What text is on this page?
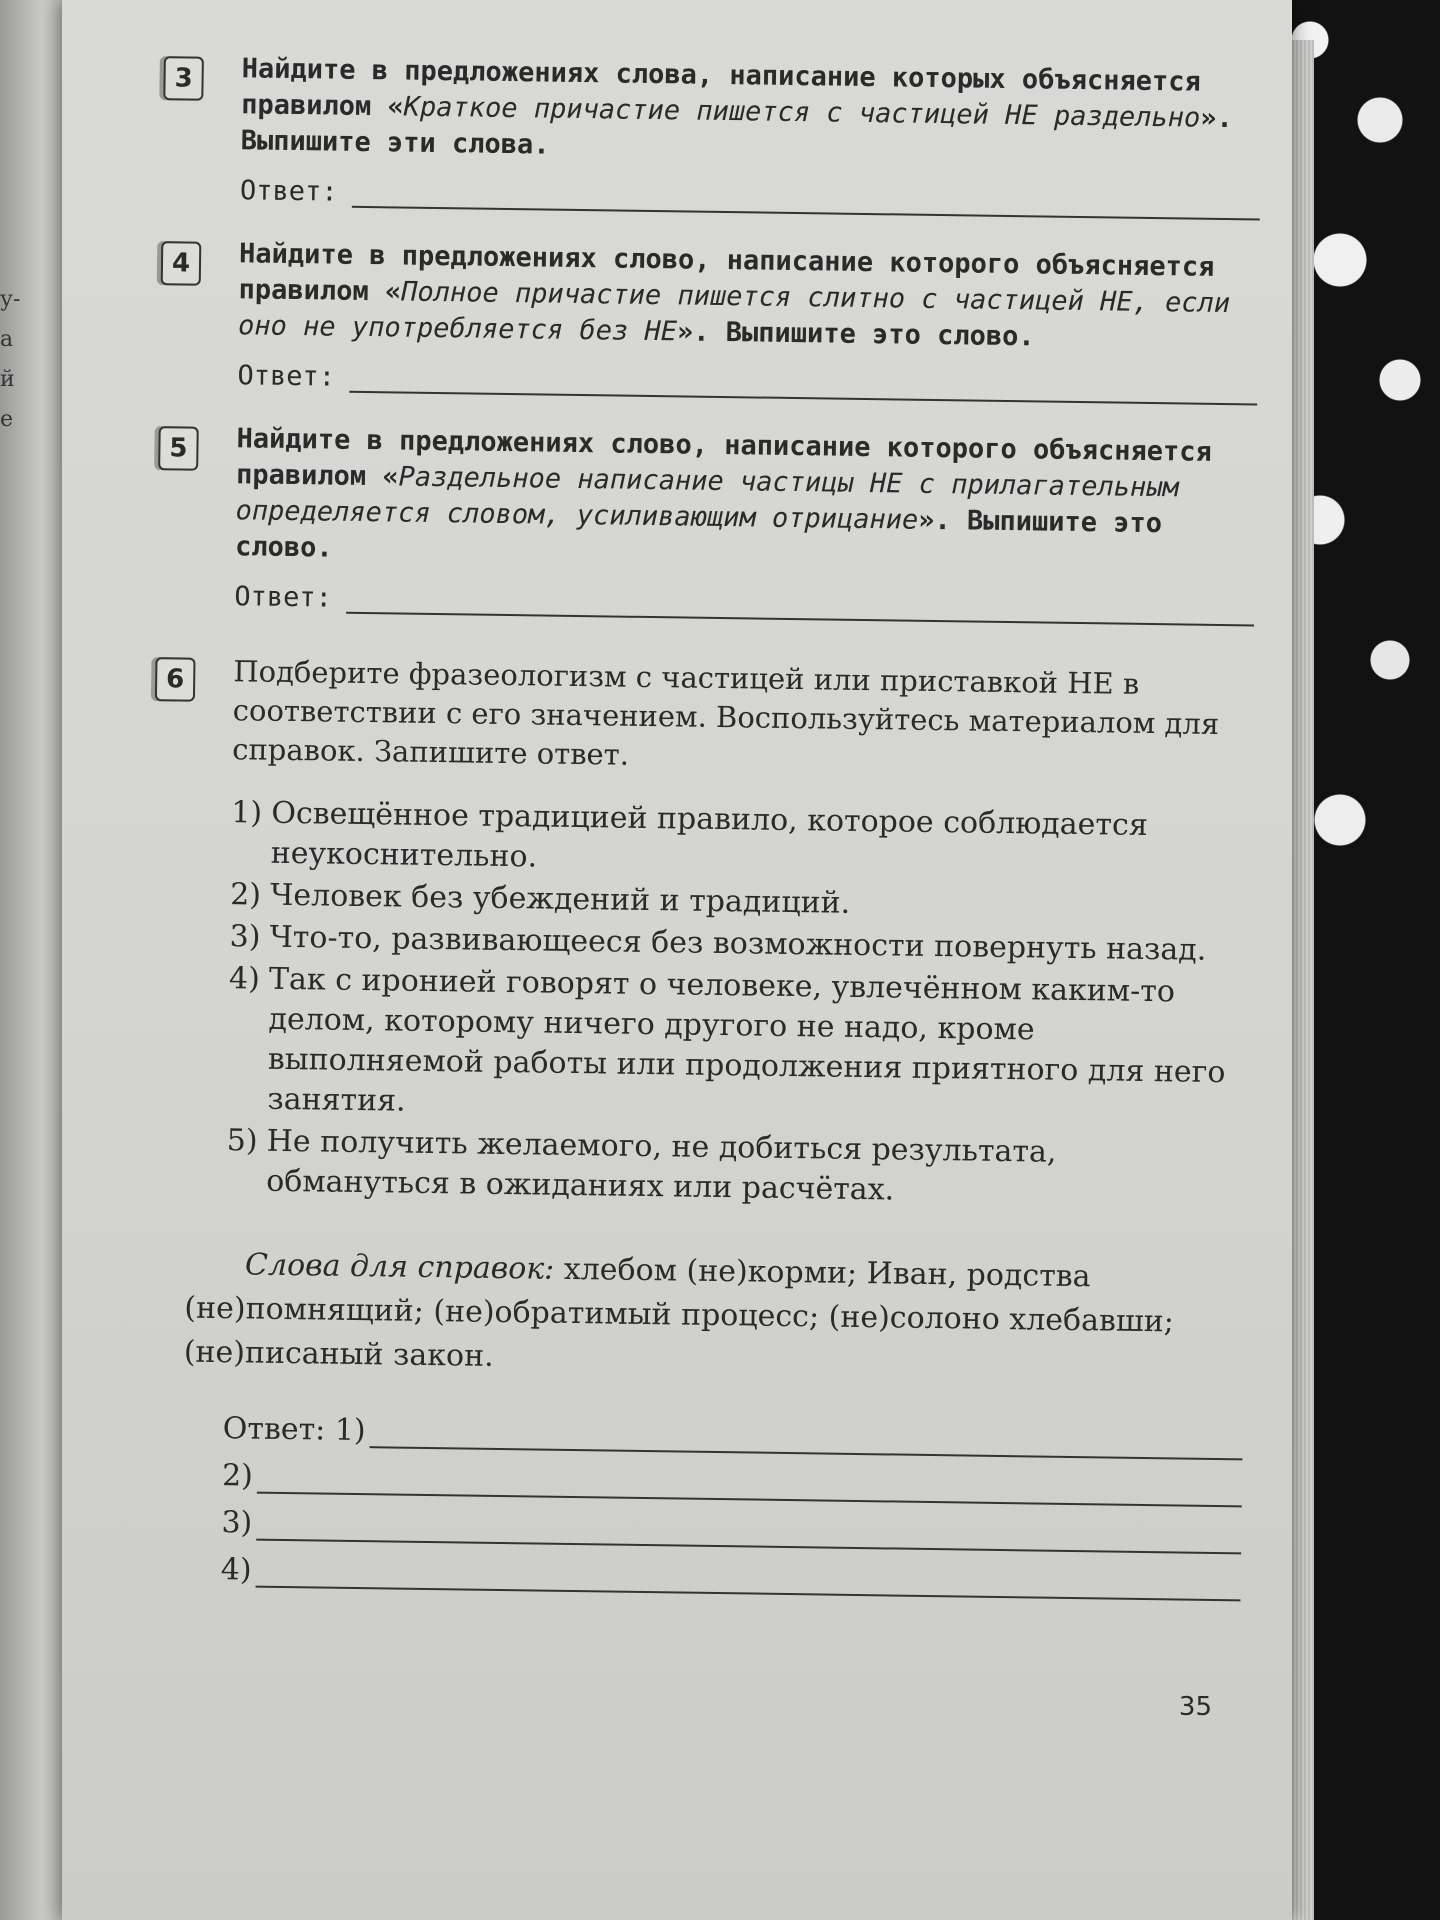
у-
а
й
е
3	Найдите в предложениях слова, написание которых объясняется правилом «Краткое причастие пишется с частицей НЕ раздельно». Выпишите эти слова.
Ответ:
4	Найдите в предложениях слово, написание которого объясняется правилом «Полное причастие пишется слитно с частицей НЕ, если оно не употребляется без НЕ». Выпишите это слово.
Ответ:
5	Найдите в предложениях слово, написание которого объясняется правилом «Раздельное написание частицы НЕ с прилагательным определяется словом, усиливающим отрицание». Выпишите это слово.
Ответ:
6	Подберите фразеологизм с частицей или приставкой НЕ в соответствии с его значением. Воспользуйтесь материалом для справок. Запишите ответ.
1) Освещённое традицией правило, которое соблюдается неукоснительно.
2) Человек без убеждений и традиций.
3) Что-то, развивающееся без возможности повернуть назад.
4) Так с иронией говорят о человеке, увлечённом каким-то делом, которому ничего другого не надо, кроме выполняемой работы или продолжения приятного для него занятия.
5) Не получить желаемого, не добиться результата, обмануться в ожиданиях или расчётах.
Слова для справок: хлебом (не)корми; Иван, родства (не)помнящий; (не)обратимый процесс; (не)солоно хлебавши; (не)писаный закон.
Ответ: 1)
2)
3)
4)
35
